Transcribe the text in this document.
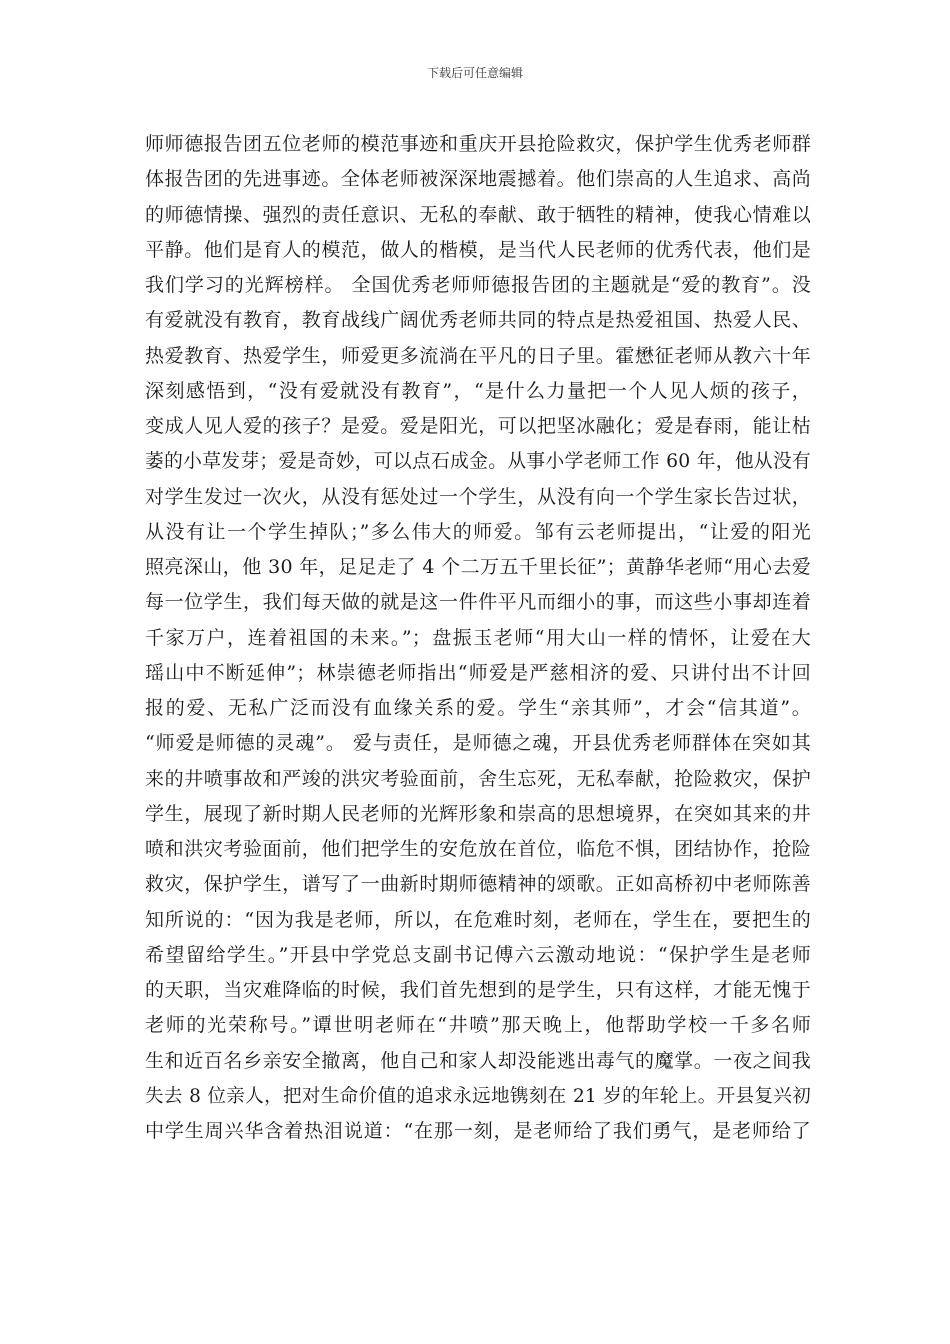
下载后可任意编辑
师师德报告团五位老师的模范事迹和重庆开县抢险救灾，保护学生优秀老师群
体报告团的先进事迹。全体老师被深深地震撼着。他们崇高的人生追求、高尚
的师德情操、强烈的责任意识、无私的奉献、敢于牺牲的精神，使我心情难以
平静。他们是育人的模范，做人的楷模，是当代人民老师的优秀代表，他们是
我们学习的光辉榜样。 全国优秀老师师德报告团的主题就是“爱的教育”。没
有爱就没有教育，教育战线广阔优秀老师共同的特点是热爱祖国、热爱人民、
热爱教育、热爱学生，师爱更多流淌在平凡的日子里。霍懋征老师从教六十年
深刻感悟到，“没有爱就没有教育”，“是什么力量把一个人见人烦的孩子，
变成人见人爱的孩子？是爱。爱是阳光，可以把坚冰融化；爱是春雨，能让枯
萎的小草发芽；爱是奇妙，可以点石成金。从事小学老师工作 60 年，他从没有
对学生发过一次火，从没有惩处过一个学生，从没有向一个学生家长告过状，
从没有让一个学生掉队；”多么伟大的师爱。邹有云老师提出，“让爱的阳光
照亮深山，他 30 年，足足走了 4 个二万五千里长征”；黄静华老师“用心去爱
每一位学生，我们每天做的就是这一件件平凡而细小的事，而这些小事却连着
千家万户，连着祖国的未来。”；盘振玉老师“用大山一样的情怀，让爱在大
瑶山中不断延伸”；林崇德老师指出“师爱是严慈相济的爱、只讲付出不计回
报的爱、无私广泛而没有血缘关系的爱。学生“亲其师”，才会“信其道”。
“师爱是师德的灵魂”。 爱与责任，是师德之魂，开县优秀老师群体在突如其
来的井喷事故和严竣的洪灾考验面前，舍生忘死，无私奉献，抢险救灾，保护
学生，展现了新时期人民老师的光辉形象和崇高的思想境界，在突如其来的井
喷和洪灾考验面前，他们把学生的安危放在首位，临危不惧，团结协作，抢险
救灾，保护学生，谱写了一曲新时期师德精神的颂歌。正如高桥初中老师陈善
知所说的：“因为我是老师，所以，在危难时刻，老师在，学生在，要把生的
希望留给学生。”开县中学党总支副书记傅六云激动地说：“保护学生是老师
的天职，当灾难降临的时候，我们首先想到的是学生，只有这样，才能无愧于
老师的光荣称号。”谭世明老师在“井喷”那天晚上，他帮助学校一千多名师
生和近百名乡亲安全撤离，他自己和家人却没能逃出毒气的魔掌。一夜之间我
失去 8 位亲人，把对生命价值的追求永远地镌刻在 21 岁的年轮上。开县复兴初
中学生周兴华含着热泪说道：“在那一刻，是老师给了我们勇气，是老师给了
